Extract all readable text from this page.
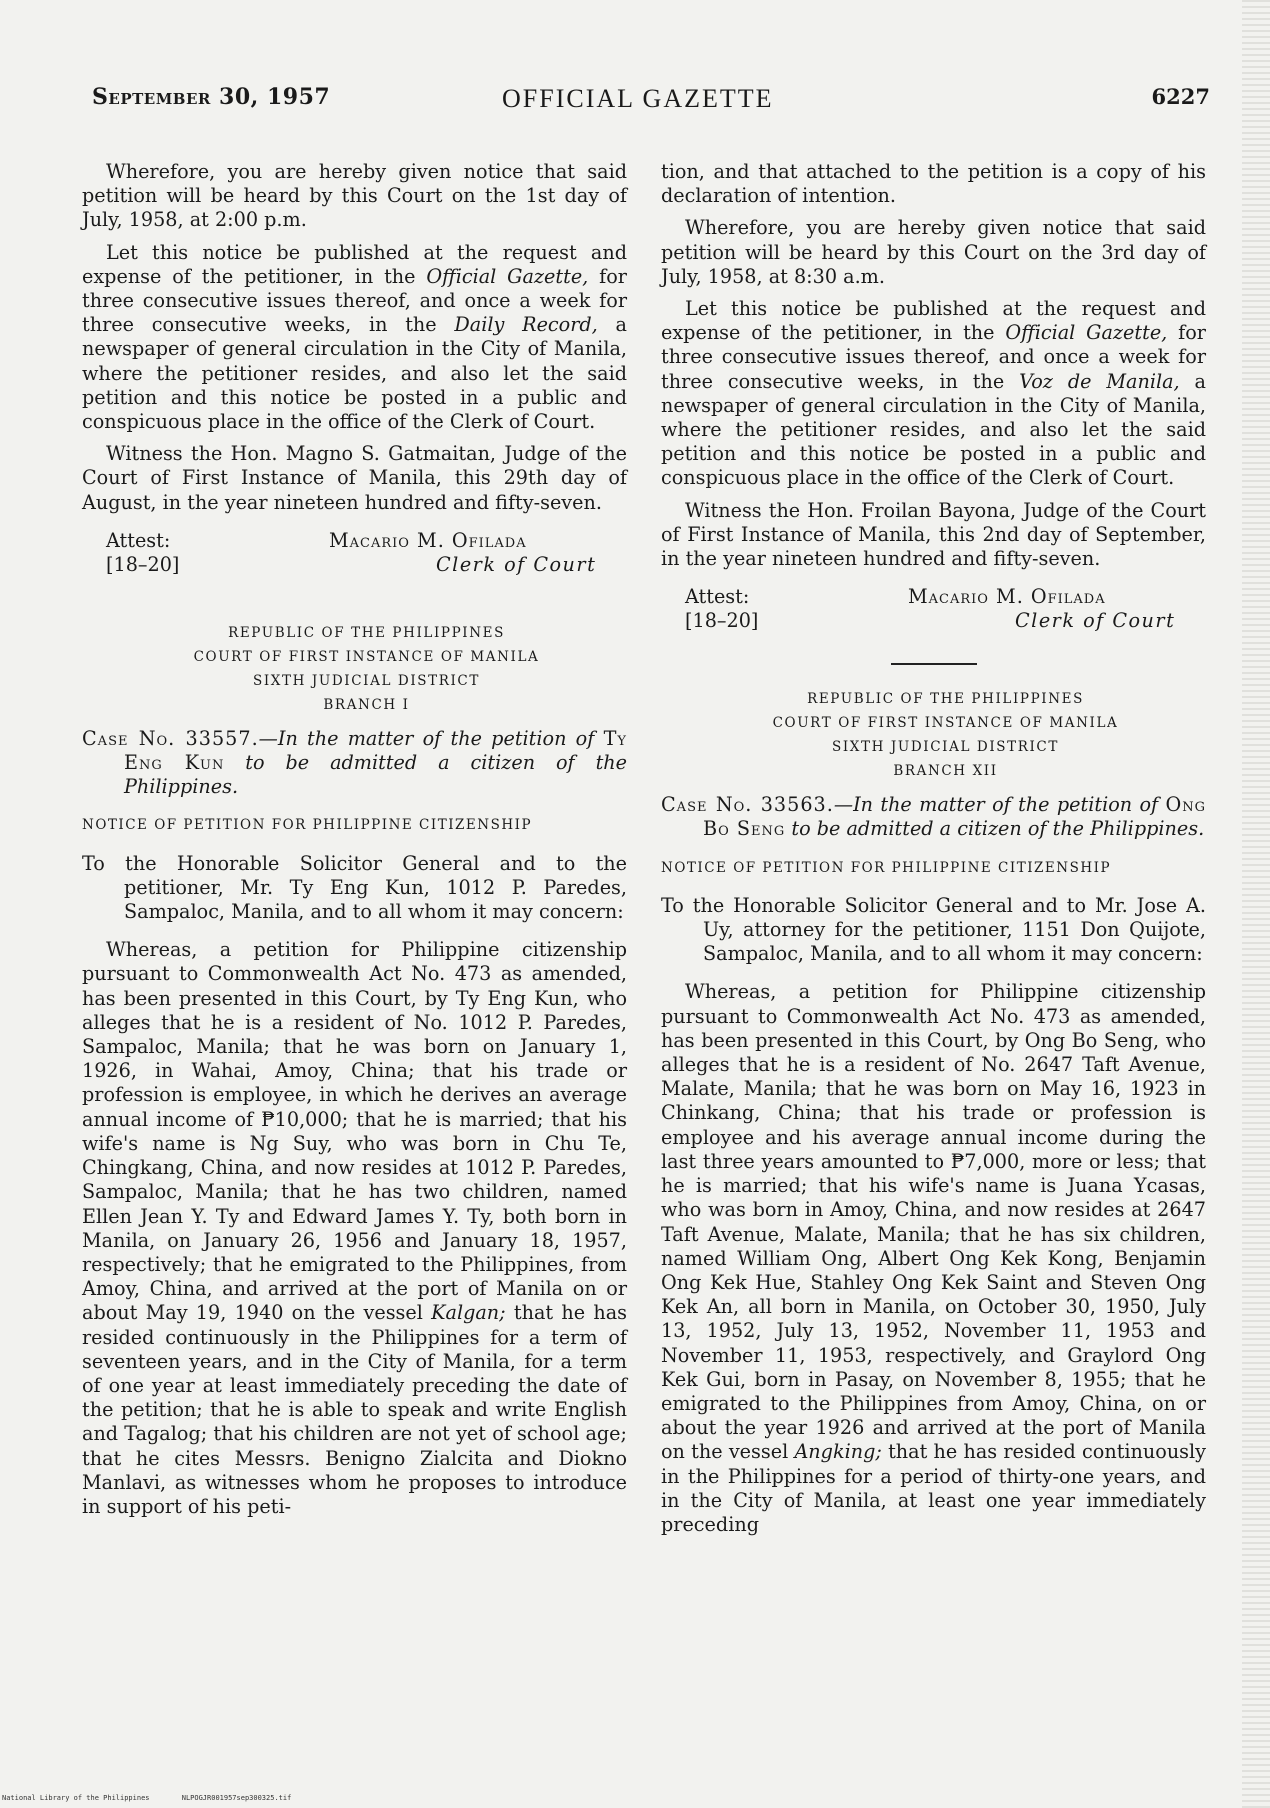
September 30, 1957	OFFICIAL GAZETTE	6227

Wherefore, you are hereby given notice that said petition will be heard by this Court on the 1st day of July, 1958, at 2:00 p.m.

Let this notice be published at the request and expense of the petitioner, in the Official Gazette, for three consecutive issues thereof, and once a week for three consecutive weeks, in the Daily Record, a newspaper of general circulation in the City of Manila, where the petitioner resides, and also let the said petition and this notice be posted in a public and conspicuous place in the office of the Clerk of Court.

Witness the Hon. Magno S. Gatmaitan, Judge of the Court of First Instance of Manila, this 29th day of August, in the year nineteen hundred and fifty-seven.

Attest:
[18–20]
Macario M. Ofilada
Clerk of Court

REPUBLIC OF THE PHILIPPINES

COURT OF FIRST INSTANCE OF MANILA

SIXTH JUDICIAL DISTRICT

BRANCH I

Case No. 33557.—In the matter of the petition of Ty Eng Kun to be admitted a citizen of the Philippines.

NOTICE OF PETITION FOR PHILIPPINE CITIZENSHIP

To the Honorable Solicitor General and to the petitioner, Mr. Ty Eng Kun, 1012 P. Paredes, Sampaloc, Manila, and to all whom it may concern:

Whereas, a petition for Philippine citizenship pursuant to Commonwealth Act No. 473 as amended, has been presented in this Court, by Ty Eng Kun, who alleges that he is a resident of No. 1012 P. Paredes, Sampaloc, Manila; that he was born on January 1, 1926, in Wahai, Amoy, China; that his trade or profession is employee, in which he derives an average annual income of ₱10,000; that he is married; that his wife's name is Ng Suy, who was born in Chu Te, Chingkang, China, and now resides at 1012 P. Paredes, Sampaloc, Manila; that he has two children, named Ellen Jean Y. Ty and Edward James Y. Ty, both born in Manila, on January 26, 1956 and January 18, 1957, respectively; that he emigrated to the Philippines, from Amoy, China, and arrived at the port of Manila on or about May 19, 1940 on the vessel Kalgan; that he has resided continuously in the Philippines for a term of seventeen years, and in the City of Manila, for a term of one year at least immediately preceding the date of the petition; that he is able to speak and write English and Tagalog; that his children are not yet of school age; that he cites Messrs. Benigno Zialcita and Diokno Manlavi, as witnesses whom he proposes to introduce in support of his peti-

tion, and that attached to the petition is a copy of his declaration of intention.

Wherefore, you are hereby given notice that said petition will be heard by this Court on the 3rd day of July, 1958, at 8:30 a.m.

Let this notice be published at the request and expense of the petitioner, in the Official Gazette, for three consecutive issues thereof, and once a week for three consecutive weeks, in the Voz de Manila, a newspaper of general circulation in the City of Manila, where the petitioner resides, and also let the said petition and this notice be posted in a public and conspicuous place in the office of the Clerk of Court.

Witness the Hon. Froilan Bayona, Judge of the Court of First Instance of Manila, this 2nd day of September, in the year nineteen hundred and fifty-seven.

Attest:
[18–20]
Macario M. Ofilada
Clerk of Court

REPUBLIC OF THE PHILIPPINES

COURT OF FIRST INSTANCE OF MANILA

SIXTH JUDICIAL DISTRICT

BRANCH XII

Case No. 33563.—In the matter of the petition of Ong Bo Seng to be admitted a citizen of the Philippines.

NOTICE OF PETITION FOR PHILIPPINE CITIZENSHIP

To the Honorable Solicitor General and to Mr. Jose A. Uy, attorney for the petitioner, 1151 Don Quijote, Sampaloc, Manila, and to all whom it may concern:

Whereas, a petition for Philippine citizenship pursuant to Commonwealth Act No. 473 as amended, has been presented in this Court, by Ong Bo Seng, who alleges that he is a resident of No. 2647 Taft Avenue, Malate, Manila; that he was born on May 16, 1923 in Chinkang, China; that his trade or profession is employee and his average annual income during the last three years amounted to ₱7,000, more or less; that he is married; that his wife's name is Juana Ycasas, who was born in Amoy, China, and now resides at 2647 Taft Avenue, Malate, Manila; that he has six children, named William Ong, Albert Ong Kek Kong, Benjamin Ong Kek Hue, Stahley Ong Kek Saint and Steven Ong Kek An, all born in Manila, on October 30, 1950, July 13, 1952, July 13, 1952, November 11, 1953 and November 11, 1953, respectively, and Graylord Ong Kek Gui, born in Pasay, on November 8, 1955; that he emigrated to the Philippines from Amoy, China, on or about the year 1926 and arrived at the port of Manila on the vessel Angking; that he has resided continuously in the Philippines for a period of thirty-one years, and in the City of Manila, at least one year immediately preceding

National Library of the Philippines	NLPOGJR001957sep300325.tif
